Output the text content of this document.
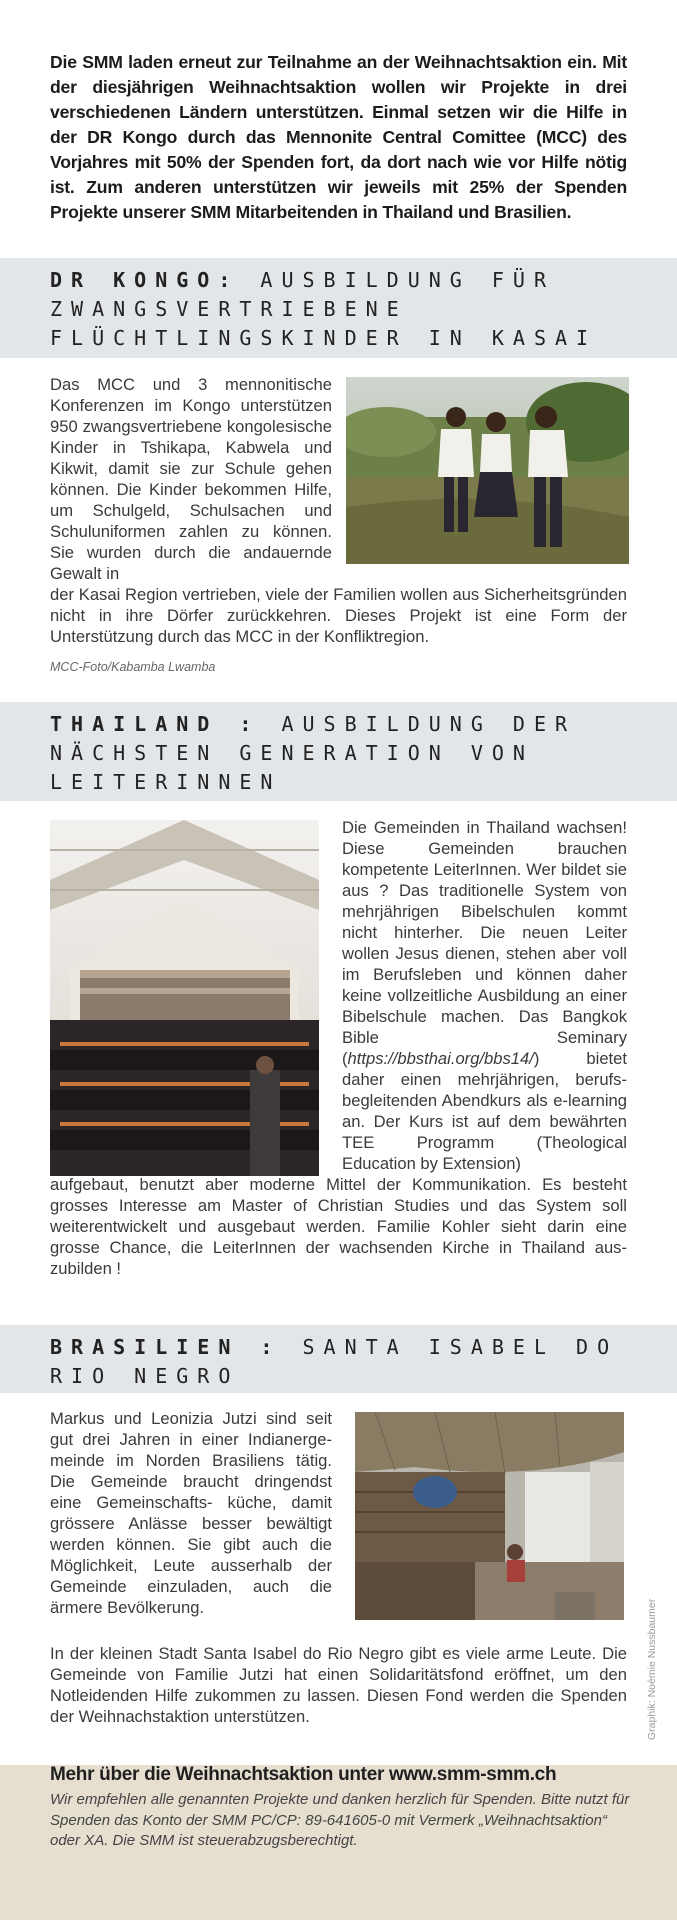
Die SMM laden erneut zur Teilnahme an der Weihnachtsaktion ein. Mit der diesjährigen Weihnachtsaktion wollen wir Projekte in drei verschiedenen Ländern unterstützen. Einmal setzen wir die Hilfe in der DR Kongo durch das Mennonite Central Comittee (MCC) des Vorjahres mit 50% der Spenden fort, da dort nach wie vor Hilfe nötig ist. Zum anderen unterstützen wir jeweils mit 25% der Spenden Projekte unserer SMM Mitarbeitenden in Thailand und Brasilien.

DR KONGO: AUSBILDUNG FÜR ZWANGSVERTRIEBENE FLÜCHTLINGSKINDER IN KASAI

Das MCC und 3 mennonitische Konferenzen im Kongo unterstützen 950 zwangsvertriebene kongolesische Kinder in Tshikapa, Kabwela und Kikwit, damit sie zur Schule gehen können. Die Kinder bekommen Hilfe, um Schulgeld, Schulsachen und Schuluniformen zahlen zu können. Sie wurden durch die andauernde Gewalt in

der Kasai Region vertrieben, viele der Familien wollen aus Sicherheitsgründen nicht in ihre Dörfer zurückkehren. Dieses Projekt ist eine Form der Unterstützung durch das MCC in der Konfliktregion.

MCC-Foto/Kabamba Lwamba

THAILAND : AUSBILDUNG DER NÄCHSTEN GENERATION VON LEITERINNEN

Die Gemeinden in Thailand wachsen! Diese Gemeinden brauchen kompetente LeiterInnen. Wer bildet sie aus ? Das traditionelle System von mehrjährigen Bibelschulen kommt nicht hinterher. Die neuen Leiter wollen Jesus dienen, stehen aber voll im Berufsleben und können daher keine vollzeitliche Ausbildung an einer Bibelschule machen. Das Bangkok Bible Seminary (https://bbsthai.org/bbs14/) bietet daher einen mehrjährigen, berufsbegleitenden Abendkurs als e-learning an. Der Kurs ist auf dem bewährten TEE Programm (Theological Education by Extension)

aufgebaut, benutzt aber moderne Mittel der Kommunikation. Es besteht grosses Interesse am Master of Christian Studies und das System soll weiterentwickelt und ausgebaut werden. Familie Kohler sieht darin eine grosse Chance, die LeiterInnen der wachsenden Kirche in Thailand auszubilden !

BRASILIEN : SANTA ISABEL DO RIO NEGRO

Markus und Leonizia Jutzi sind seit gut drei Jahren in einer Indianergemeinde im Norden Brasiliens tätig. Die Gemeinde braucht dringendst eine Gemeinschafts- küche, damit grössere Anlässe besser bewältigt werden können. Sie gibt auch die Möglichkeit, Leute ausserhalb der Gemeinde einzuladen, auch die ärmere Bevölkerung.

In der kleinen Stadt Santa Isabel do Rio Negro gibt es viele arme Leute. Die Gemeinde von Familie Jutzi hat einen Solidaritätsfond eröffnet, um den Notleidenden Hilfe zukommen zu lassen. Diesen Fond werden die Spenden der Weihnachstaktion unterstützen.	Graphik: Noémie Nussbaumer

Mehr über die Weihnachtsaktion unter www.smm-smm.ch

Wir empfehlen alle genannten Projekte und danken herzlich für Spenden. Bitte nutzt für Spenden das Konto der SMM PC/CP: 89-641605-0 mit Vermerk „Weihnachtsaktion“ oder XA. Die SMM ist steuerabzugsberechtigt.
